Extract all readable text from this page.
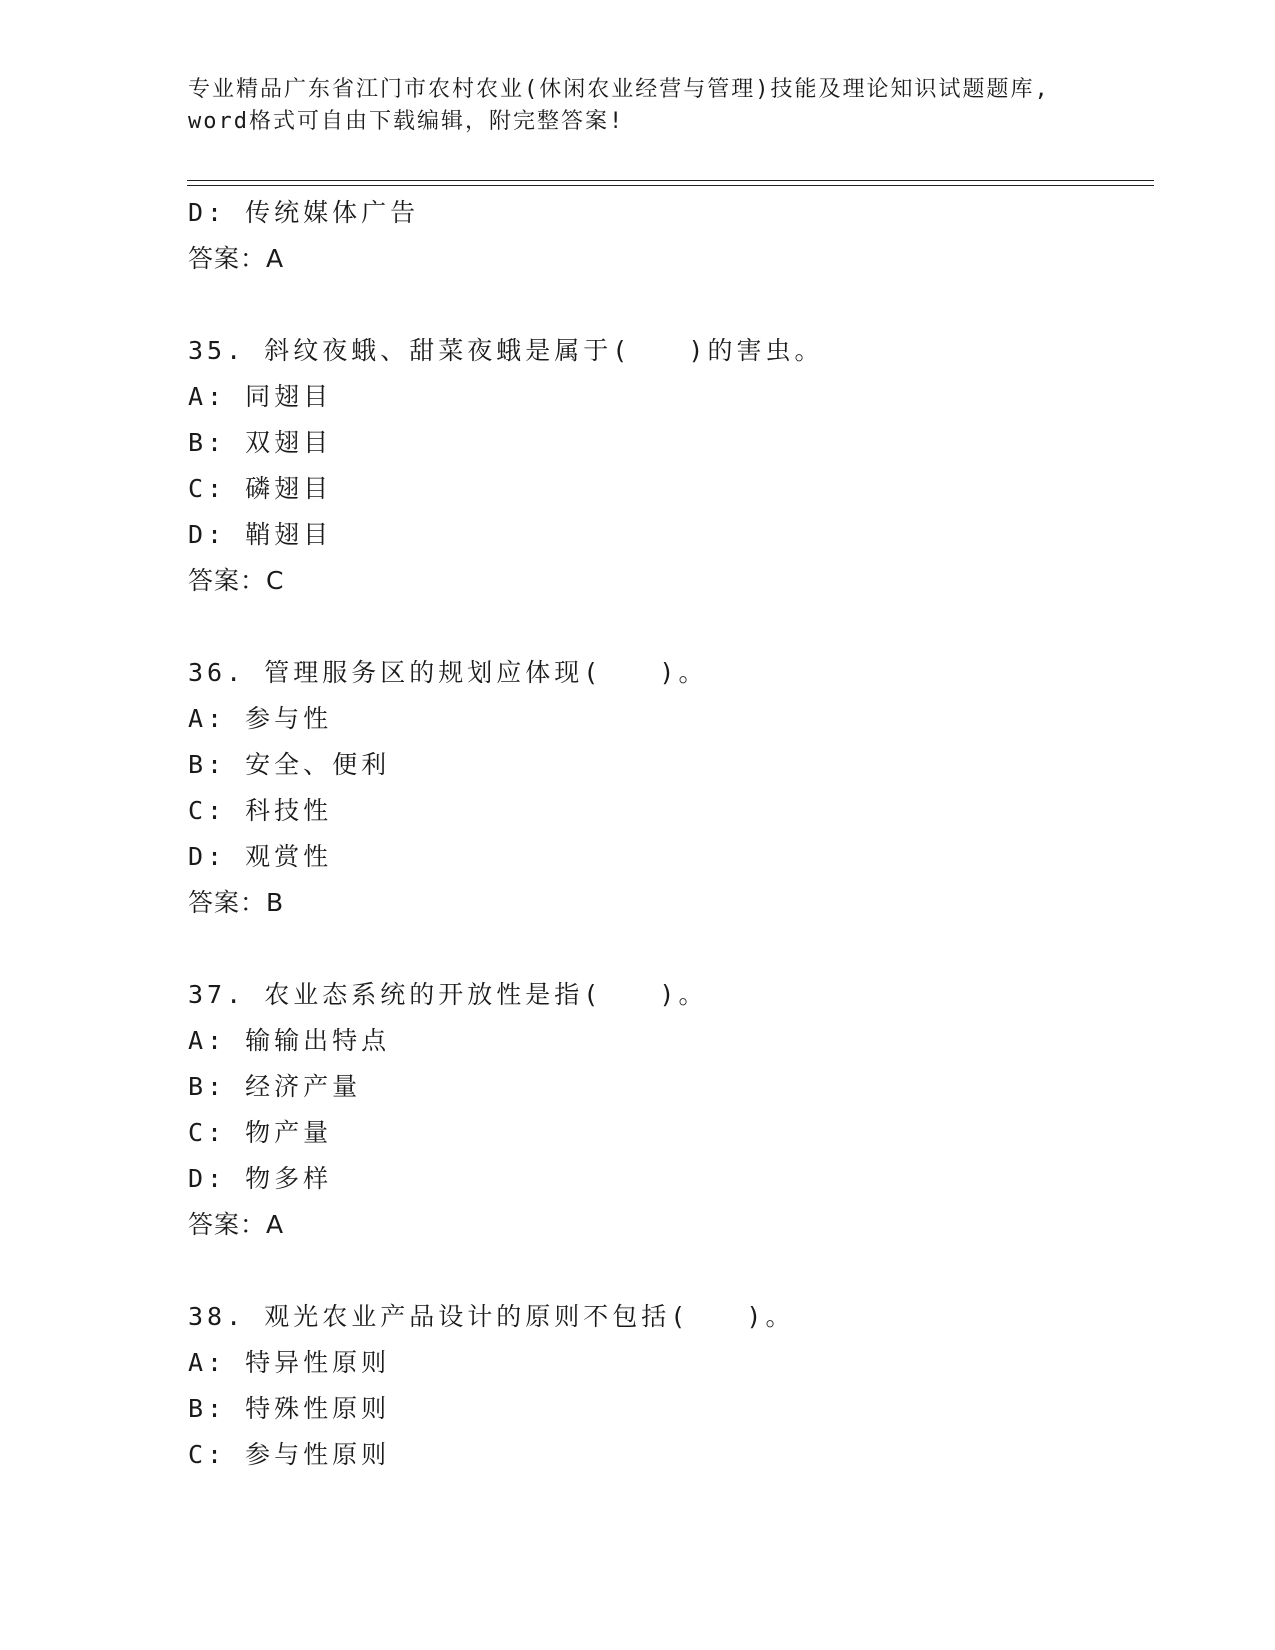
专业精品广东省江门市农村农业(休闲农业经营与管理)技能及理论知识试题题库,
word格式可自由下载编辑，附完整答案!
D: 传统媒体广告
答案：A
35. 斜纹夜蛾、甜菜夜蛾是属于(   )的害虫。
A: 同翅目
B: 双翅目
C: 磷翅目
D: 鞘翅目
答案：C
36. 管理服务区的规划应体现(   )。
A: 参与性
B: 安全、便利
C: 科技性
D: 观赏性
答案：B
37. 农业态系统的开放性是指(   )。
A: 输输出特点
B: 经济产量
C: 物产量
D: 物多样
答案：A
38. 观光农业产品设计的原则不包括(   )。
A: 特异性原则
B: 特殊性原则
C: 参与性原则
